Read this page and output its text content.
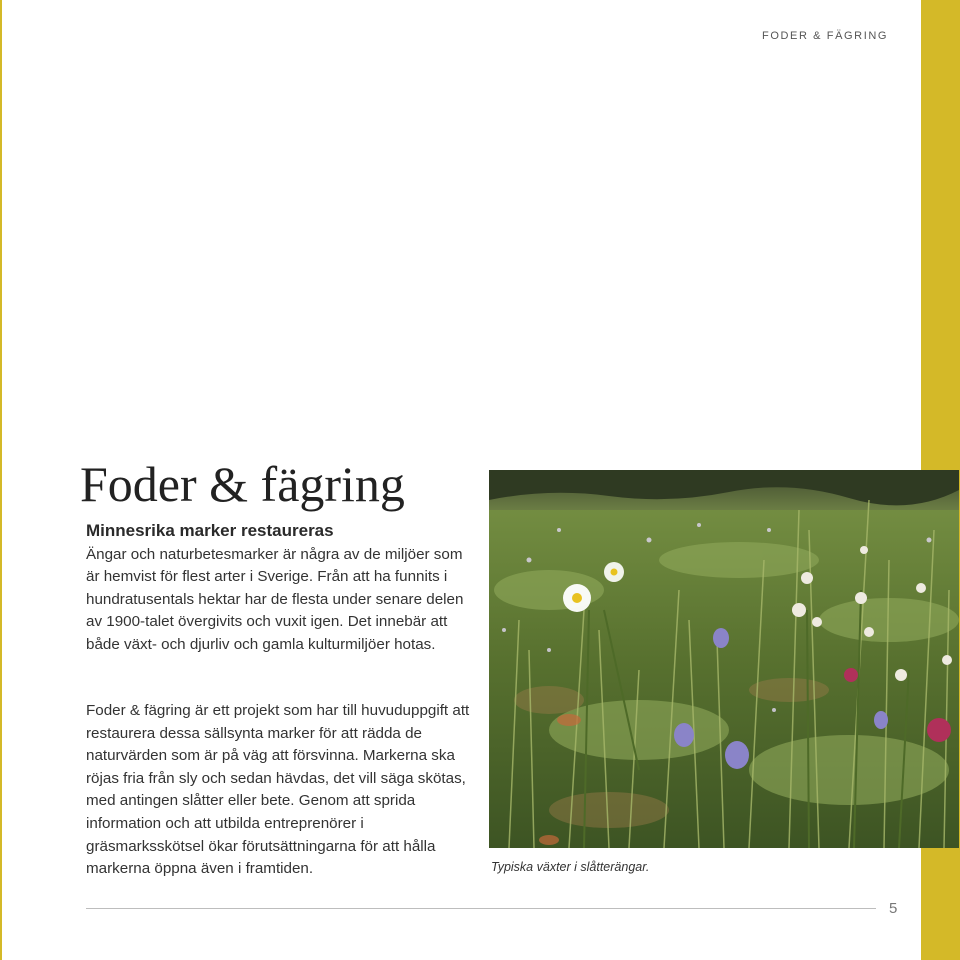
FODER & FÄGRING
Foder & fägring
Minnesrika marker restaureras

Ängar och naturbetesmarker är några av de miljöer som är hemvist för flest arter i Sverige. Från att ha funnits i hundratusentals hektar har de flesta under senare delen av 1900-talet övergivits och vuxit igen. Det innebär att både växt- och djurliv och gamla kulturmiljöer hotas.

Foder & fägring är ett projekt som har till huvuduppgift att restaurera dessa sällsynta marker för att rädda de naturvärden som är på väg att försvinna. Markerna ska röjas fria från sly och sedan hävdas, det vill säga skötas, med antingen slåtter eller bete. Genom att sprida information och att utbilda entreprenörer i gräsmarksskötsel ökar förutsättningarna för att hålla markerna öppna även i framtiden.	Typiska växter i slåtterängar.
5
